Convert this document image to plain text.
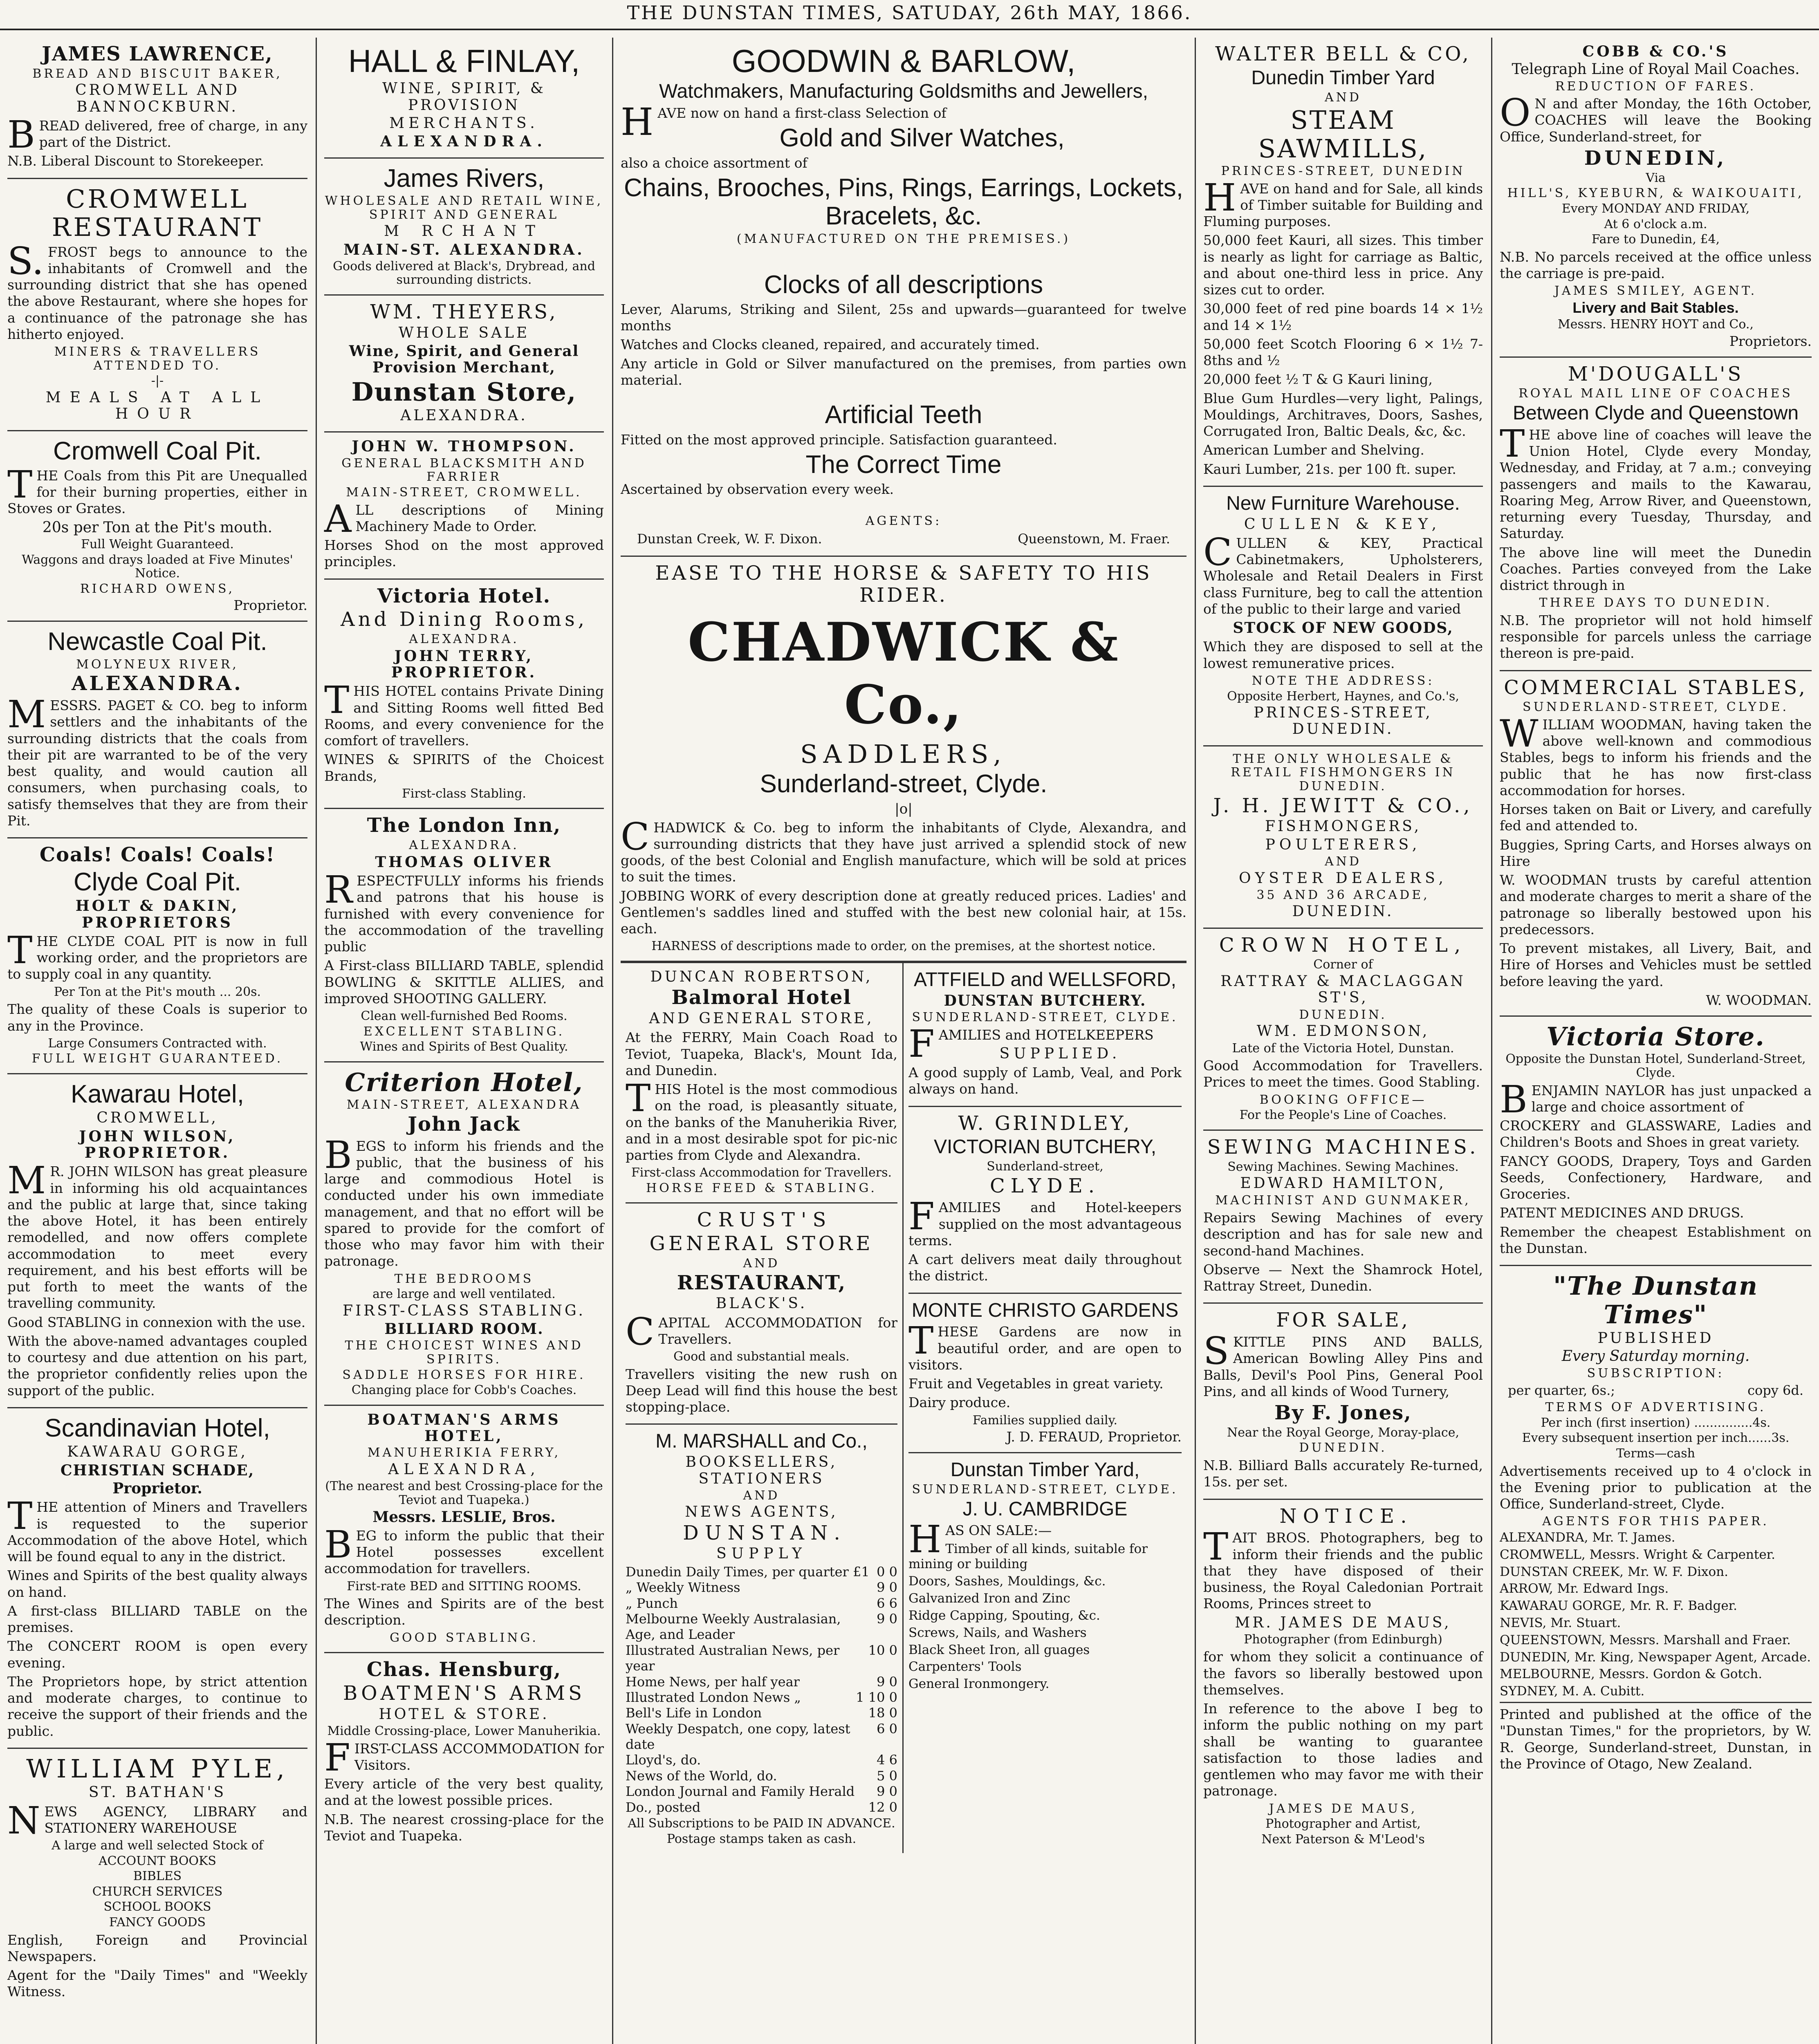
THE DUNSTAN TIMES, SATUDAY, 26th MAY, 1866.
JAMES LAWRENCE,
BREAD AND BISCUIT BAKER,
CROMWELL AND BANNOCKBURN.
BREAD delivered, free of charge, in any part of the District.
N.B. Liberal Discount to Storekeeper.
CROMWELL RESTAURANT
S.FROST begs to announce to the inhabitants of Cromwell and the surrounding district that she has opened the above Restaurant, where she hopes for a continuance of the patronage she has hitherto enjoyed.
MINERS & TRAVELLERS ATTENDED TO.
-|-
MEALS AT ALL HOUR
Cromwell Coal Pit.
THE Coals from this Pit are Unequalled for their burning properties, either in Stoves or Grates.
20s per Ton at the Pit's mouth.
Full Weight Guaranteed.
Waggons and drays loaded at Five Minutes' Notice.
RICHARD OWENS,
Proprietor.
Newcastle Coal Pit.
MOLYNEUX RIVER,
ALEXANDRA.
MESSRS. PAGET & CO. beg to inform settlers and the inhabitants of the surrounding districts that the coals from their pit are warranted to be of the very best quality, and would caution all consumers, when purchasing coals, to satisfy themselves that they are from their Pit.
Coals! Coals! Coals!
Clyde Coal Pit.
HOLT & DAKIN, PROPRIETORS
THE CLYDE COAL PIT is now in full working order, and the proprietors are to supply coal in any quantity.
Per Ton at the Pit's mouth ... 20s.
The quality of these Coals is superior to any in the Province.
Large Consumers Contracted with.
FULL WEIGHT GUARANTEED.
Kawarau Hotel,
CROMWELL,
JOHN WILSON, PROPRIETOR.
MR. JOHN WILSON has great pleasure in informing his old acquaintances and the public at large that, since taking the above Hotel, it has been entirely remodelled, and now offers complete accommodation to meet every requirement, and his best efforts will be put forth to meet the wants of the travelling community.
Good STABLING in connexion with the use.
With the above-named advantages coupled to courtesy and due attention on his part, the proprietor confidently relies upon the support of the public.
Scandinavian Hotel,
KAWARAU GORGE,
CHRISTIAN SCHADE,
Proprietor.
THE attention of Miners and Travellers is requested to the superior Accommodation of the above Hotel, which will be found equal to any in the district.
Wines and Spirits of the best quality always on hand.
A first-class BILLIARD TABLE on the premises.
The CONCERT ROOM is open every evening.
The Proprietors hope, by strict attention and moderate charges, to continue to receive the support of their friends and the public.
WILLIAM PYLE,
ST. BATHAN'S
NEWS AGENCY, LIBRARY and STATIONERY WAREHOUSE
A large and well selected Stock of
ACCOUNT BOOKS
BIBLES
CHURCH SERVICES
SCHOOL BOOKS
FANCY GOODS
English, Foreign and Provincial Newspapers.
Agent for the "Daily Times" and "Weekly Witness.
HALL & FINLAY,
WINE, SPIRIT, & PROVISION
MERCHANTS.
ALEXANDRA.
James Rivers,
WHOLESALE AND RETAIL WINE, SPIRIT AND GENERAL
M RCHANT
MAIN-ST. ALEXANDRA.
Goods delivered at Black's, Drybread, and surrounding districts.
WM. THEYERS,
WHOLE SALE
Wine, Spirit, and General Provision Merchant,
Dunstan Store,
ALEXANDRA.
JOHN W. THOMPSON.
GENERAL BLACKSMITH AND FARRIER
MAIN-STREET, CROMWELL.
ALL descriptions of Mining Machinery Made to Order.
Horses Shod on the most approved principles.
Victoria Hotel.
And Dining Rooms,
ALEXANDRA.
JOHN TERRY, PROPRIETOR.
THIS HOTEL contains Private Dining and Sitting Rooms well fitted Bed Rooms, and every convenience for the comfort of travellers.
WINES & SPIRITS of the Choicest Brands,
First-class Stabling.
The London Inn,
ALEXANDRA.
THOMAS OLIVER
RESPECTFULLY informs his friends and patrons that his house is furnished with every convenience for the accommodation of the travelling public
A First-class BILLIARD TABLE, splendid BOWLING & SKITTLE ALLIES, and improved SHOOTING GALLERY.
Clean well-furnished Bed Rooms.
EXCELLENT STABLING.
Wines and Spirits of Best Quality.
Criterion Hotel,
MAIN-STREET, ALEXANDRA
John Jack
BEGS to inform his friends and the public, that the business of his large and commodious Hotel is conducted under his own immediate management, and that no effort will be spared to provide for the comfort of those who may favor him with their patronage.
THE BEDROOMS
are large and well ventilated.
FIRST-CLASS STABLING.
BILLIARD ROOM.
THE CHOICEST WINES AND SPIRITS.
SADDLE HORSES FOR HIRE.
Changing place for Cobb's Coaches.
BOATMAN'S ARMS HOTEL,
MANUHERIKIA FERRY,
ALEXANDRA,
(The nearest and best Crossing-place for the Teviot and Tuapeka.)
Messrs. LESLIE, Bros.
BEG to inform the public that their Hotel possesses excellent accommodation for travellers.
First-rate BED and SITTING ROOMS.
The Wines and Spirits are of the best description.
GOOD STABLING.
Chas. Hensburg,
BOATMEN'S ARMS
HOTEL & STORE.
Middle Crossing-place, Lower Manuherikia.
FIRST-CLASS ACCOMMODATION for Visitors.
Every article of the very best quality, and at the lowest possible prices.
N.B. The nearest crossing-place for the Teviot and Tuapeka.
GOODWIN & BARLOW,
Watchmakers, Manufacturing Goldsmiths and Jewellers,
HAVE now on hand a first-class Selection of
Gold and Silver Watches,
also a choice assortment of
Chains, Brooches, Pins, Rings, Earrings, Lockets, Bracelets, &c.
(MANUFACTURED ON THE PREMISES.)
Clocks of all descriptions
Lever, Alarums, Striking and Silent, 25s and upwards—guaranteed for twelve months
Watches and Clocks cleaned, repaired, and accurately timed.
Any article in Gold or Silver manufactured on the premises, from parties own material.
Artificial Teeth
Fitted on the most approved principle. Satisfaction guaranteed.
The Correct Time
Ascertained by observation every week.
AGENTS:
Dunstan Creek, W. F. Dixon.	Queenstown, M. Fraer.
EASE TO THE HORSE & SAFETY TO HIS RIDER.
CHADWICK & Co.,
SADDLERS,
Sunderland-street, Clyde.
|o|
CHADWICK & Co. beg to inform the inhabitants of Clyde, Alexandra, and surrounding districts that they have just arrived a splendid stock of new goods, of the best Colonial and English manufacture, which will be sold at prices to suit the times.
JOBBING WORK of every description done at greatly reduced prices. Ladies' and Gentlemen's saddles lined and stuffed with the best new colonial hair, at 15s. each.
HARNESS of descriptions made to order, on the premises, at the shortest notice.
DUNCAN ROBERTSON,
Balmoral Hotel
AND GENERAL STORE,
At the FERRY, Main Coach Road to Teviot, Tuapeka, Black's, Mount Ida, and Dunedin.
THIS Hotel is the most commodious on the road, is pleasantly situate, on the banks of the Manuherikia River, and in a most desirable spot for pic-nic parties from Clyde and Alexandra.
First-class Accommodation for Travellers.
HORSE FEED & STABLING.
C R U S T ' S
GENERAL STORE
AND
RESTAURANT,
BLACK'S.
CAPITAL ACCOMMODATION for Travellers.
Good and substantial meals.
Travellers visiting the new rush on Deep Lead will find this house the best stopping-place.
M. MARSHALL and Co.,
BOOKSELLERS, STATIONERS
AND
NEWS AGENTS,
D U N S T A N .
SUPPLY
Dunedin Daily Times, per quarter £1 0 0
„ Weekly Witness	9 0
„ Punch	6 6
Melbourne Weekly Australasian, Age, and Leader
9 0
Illustrated Australian News, per year
10 0
Home News, per half year	9 0
Illustrated London News „	1 10 0
Bell's Life in London	18 0
Weekly Despatch, one copy, latest date
6 0
Lloyd's, do.	4 6
News of the World, do.	5 0
London Journal and Family Herald 9 0
Do., posted	12 0
All Subscriptions to be PAID IN ADVANCE.
Postage stamps taken as cash.
ATTFIELD and WELLSFORD,
DUNSTAN BUTCHERY.
SUNDERLAND-STREET, CLYDE.
FAMILIES and HOTELKEEPERS
SUPPLIED.
A good supply of Lamb, Veal, and Pork always on hand.
W. GRINDLEY,
VICTORIAN BUTCHERY,
Sunderland-street,
CLYDE.
FAMILIES and Hotel-keepers supplied on the most advantageous terms.
A cart delivers meat daily throughout the district.
MONTE CHRISTO GARDENS
THESE Gardens are now in beautiful order, and are open to visitors.
Fruit and Vegetables in great variety.
Dairy produce.
Families supplied daily.
J. D. FERAUD, Proprietor.
Dunstan Timber Yard,
SUNDERLAND-STREET, CLYDE.
J. U. CAMBRIDGE
HAS ON SALE:—
Timber of all kinds, suitable for mining or building
Doors, Sashes, Mouldings, &c.
Galvanized Iron and Zinc
Ridge Capping, Spouting, &c.
Screws, Nails, and Washers
Black Sheet Iron, all guages
Carpenters' Tools
General Ironmongery.
WALTER BELL & CO,
Dunedin Timber Yard
AND
STEAM SAWMILLS,
PRINCES-STREET, DUNEDIN
HAVE on hand and for Sale, all kinds of Timber suitable for Building and Fluming purposes.
50,000 feet Kauri, all sizes. This timber is nearly as light for carriage as Baltic, and about one-third less in price. Any sizes cut to order.
30,000 feet of red pine boards 14 × 1½ and 14 × 1½
50,000 feet Scotch Flooring 6 × 1½ 7-8ths and ½
20,000 feet ½ T & G Kauri lining,
Blue Gum Hurdles—very light, Palings, Mouldings, Architraves, Doors, Sashes, Corrugated Iron, Baltic Deals, &c, &c.
American Lumber and Shelving.
Kauri Lumber, 21s. per 100 ft. super.
New Furniture Warehouse.
CULLEN & KEY,
CULLEN & KEY, Practical Cabinetmakers, Upholsterers, Wholesale and Retail Dealers in First class Furniture, beg to call the attention of the public to their large and varied
STOCK OF NEW GOODS,
Which they are disposed to sell at the lowest remunerative prices.
NOTE THE ADDRESS:
Opposite Herbert, Haynes, and Co.'s,
PRINCES-STREET, DUNEDIN.
THE ONLY WHOLESALE & RETAIL FISHMONGERS IN DUNEDIN.
J. H. JEWITT & CO.,
FISHMONGERS,
POULTERERS,
AND
OYSTER DEALERS,
35 AND 36 ARCADE,
DUNEDIN.
CROWN HOTEL,
Corner of
RATTRAY & MACLAGGAN ST'S,
DUNEDIN.
WM. EDMONSON,
Late of the Victoria Hotel, Dunstan.
Good Accommodation for Travellers. Prices to meet the times. Good Stabling.
BOOKING OFFICE—
For the People's Line of Coaches.
SEWING MACHINES.
Sewing Machines. Sewing Machines.
EDWARD HAMILTON,
MACHINIST AND GUNMAKER,
Repairs Sewing Machines of every description and has for sale new and second-hand Machines.
Observe — Next the Shamrock Hotel, Rattray Street, Dunedin.
FOR SALE,
SKITTLE PINS AND BALLS, American Bowling Alley Pins and Balls, Devil's Pool Pins, General Pool Pins, and all kinds of Wood Turnery,
By F. Jones,
Near the Royal George, Moray-place,
DUNEDIN.
N.B. Billiard Balls accurately Re-turned, 15s. per set.
N O T I C E .
TAIT BROS. Photographers, beg to inform their friends and the public that they have disposed of their business, the Royal Caledonian Portrait Rooms, Princes street to
MR. JAMES DE MAUS,
Photographer (from Edinburgh)
for whom they solicit a continuance of the favors so liberally bestowed upon themselves.
In reference to the above I beg to inform the public nothing on my part shall be wanting to guarantee satisfaction to those ladies and gentlemen who may favor me with their patronage.
JAMES DE MAUS,
Photographer and Artist,
Next Paterson & M'Leod's
COBB & CO.'S
Telegraph Line of Royal Mail Coaches.
REDUCTION OF FARES.
ON and after Monday, the 16th October, COACHES will leave the Booking Office, Sunderland-street, for
DUNEDIN,
Via
HILL'S, KYEBURN, & WAIKOUAITI,
Every MONDAY AND FRIDAY,
At 6 o'clock a.m.
Fare to Dunedin, £4,
N.B. No parcels received at the office unless the carriage is pre-paid.
JAMES SMILEY, AGENT.
Livery and Bait Stables.
Messrs. HENRY HOYT and Co.,
Proprietors.
M'DOUGALL'S
ROYAL MAIL LINE OF COACHES
Between Clyde and Queenstown
THE above line of coaches will leave the Union Hotel, Clyde every Monday, Wednesday, and Friday, at 7 a.m.; conveying passengers and mails to the Kawarau, Roaring Meg, Arrow River, and Queenstown, returning every Tuesday, Thursday, and Saturday.
The above line will meet the Dunedin Coaches. Parties conveyed from the Lake district through in
THREE DAYS TO DUNEDIN.
N.B. The proprietor will not hold himself responsible for parcels unless the carriage thereon is pre-paid.
COMMERCIAL STABLES,
SUNDERLAND-STREET, CLYDE.
WILLIAM WOODMAN, having taken the above well-known and commodious Stables, begs to inform his friends and the public that he has now first-class accommodation for horses.
Horses taken on Bait or Livery, and carefully fed and attended to.
Buggies, Spring Carts, and Horses always on Hire
W. WOODMAN trusts by careful attention and moderate charges to merit a share of the patronage so liberally bestowed upon his predecessors.
To prevent mistakes, all Livery, Bait, and Hire of Horses and Vehicles must be settled before leaving the yard.
W. WOODMAN.
Victoria Store.
Opposite the Dunstan Hotel, Sunderland-Street, Clyde.
BENJAMIN NAYLOR has just unpacked a large and choice assortment of
CROCKERY and GLASSWARE, Ladies and Children's Boots and Shoes in great variety.
FANCY GOODS, Drapery, Toys and Garden Seeds, Confectionery, Hardware, and Groceries.
PATENT MEDICINES AND DRUGS.
Remember the cheapest Establishment on the Dunstan.
"The Dunstan Times"
PUBLISHED
Every Saturday morning.
SUBSCRIPTION:
per quarter, 6s.;	copy 6d.
TERMS OF ADVERTISING.
Per inch (first insertion) ...............4s.
Every subsequent insertion per inch......3s.
Terms—cash
Advertisements received up to 4 o'clock in the Evening prior to publication at the Office, Sunderland-street, Clyde.
AGENTS FOR THIS PAPER.
ALEXANDRA, Mr. T. James.
CROMWELL, Messrs. Wright & Carpenter.
DUNSTAN CREEK, Mr. W. F. Dixon.
ARROW, Mr. Edward Ings.
KAWARAU GORGE, Mr. R. F. Badger.
NEVIS, Mr. Stuart.
QUEENSTOWN, Messrs. Marshall and Fraer.
DUNEDIN, Mr. King, Newspaper Agent, Arcade.
MELBOURNE, Messrs. Gordon & Gotch.
SYDNEY, M. A. Cubitt.
Printed and published at the office of the "Dunstan Times," for the proprietors, by W. R. George, Sunderland-street, Dunstan, in the Province of Otago, New Zealand.
